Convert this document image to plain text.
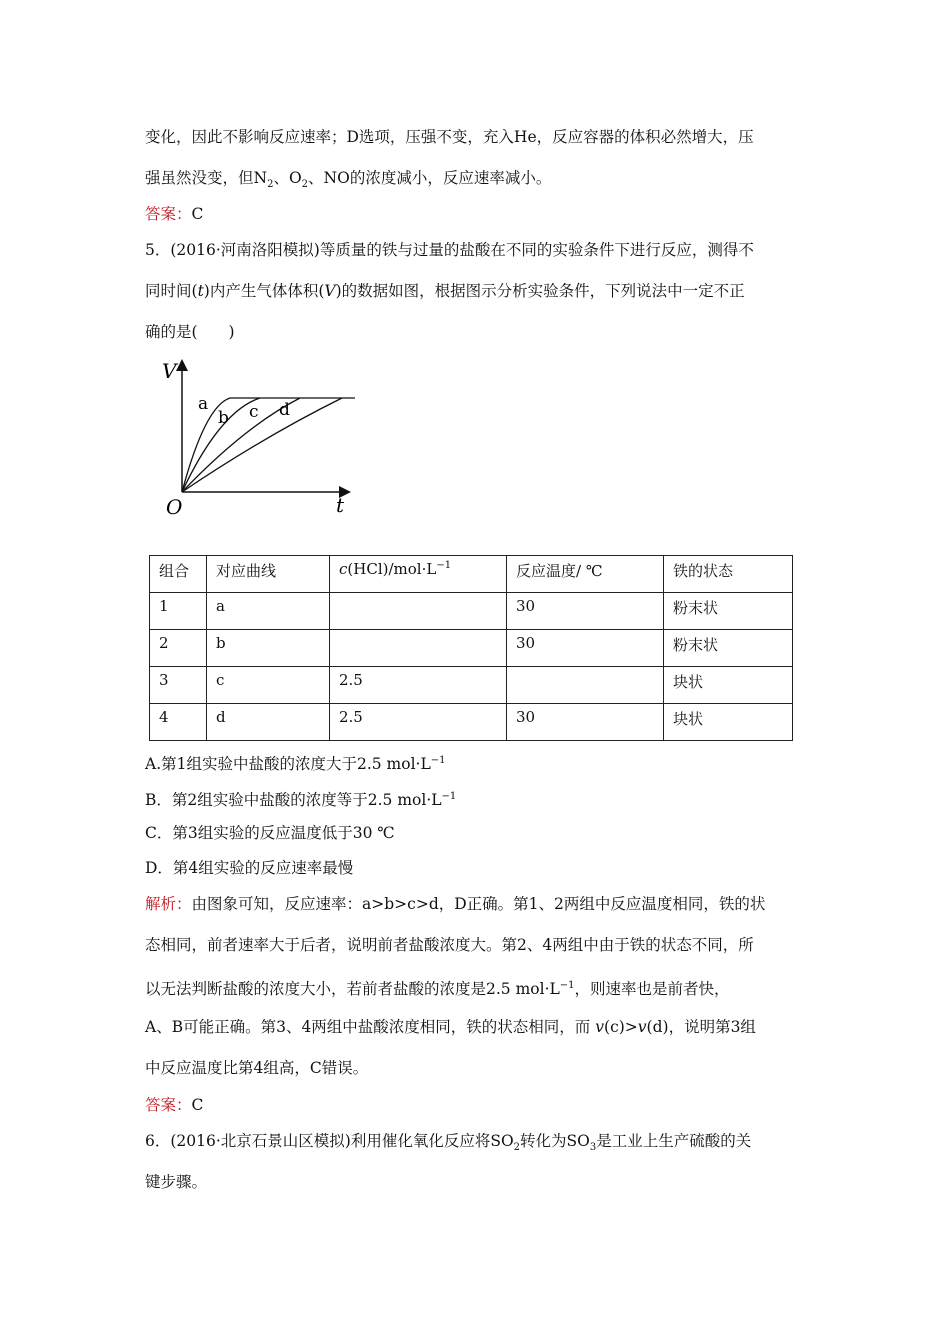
变化，因此不影响反应速率；D选项，压强不变，充入He，反应容器的体积必然增大，压
强虽然没变，但$N_2$、$O_2$、NO的浓度减小，反应速率减小。
答案：C
5．(2016·河南洛阳模拟)等质量的铁与过量的盐酸在不同的实验条件下进行反应，测得不
同时间(t)内产生气体体积(V)的数据如图，根据图示分析实验条件，下列说法中一定不正
确的是(　　)
V
t
O
a
b c d
组合	对应曲线	$c(HCl)/mol\cdot L^{-1}$	反应温度/ ℃	铁的状态
1	a		30	粉末状
2	b		30	粉末状
3	c	2.5		块状
4	d	2.5	30	块状
A.第1组实验中盐酸的浓度大于2.5 $mol\cdot L^{-1}$
B．第2组实验中盐酸的浓度等于2.5 $mol\cdot L^{-1}$
C．第3组实验的反应温度低于30 ℃
D．第4组实验的反应速率最慢
解析：由图象可知，反应速率：a>b>c>d，D正确。第1、2两组中反应温度相同，铁的状
态相同，前者速率大于后者，说明前者盐酸浓度大。第2、4两组中由于铁的状态不同，所
以无法判断盐酸的浓度大小，若前者盐酸的浓度是2.5 $mol\cdot L^{-1}$，则速率也是前者快，
A、B可能正确。第3、4两组中盐酸浓度相同，铁的状态相同，而 v(c)>v(d)，说明第3组
中反应温度比第4组高，C错误。
答案：C
6．(2016·北京石景山区模拟)利用催化氧化反应将$SO_2$转化为$SO_3$是工业上生产硫酸的关
键步骤。
